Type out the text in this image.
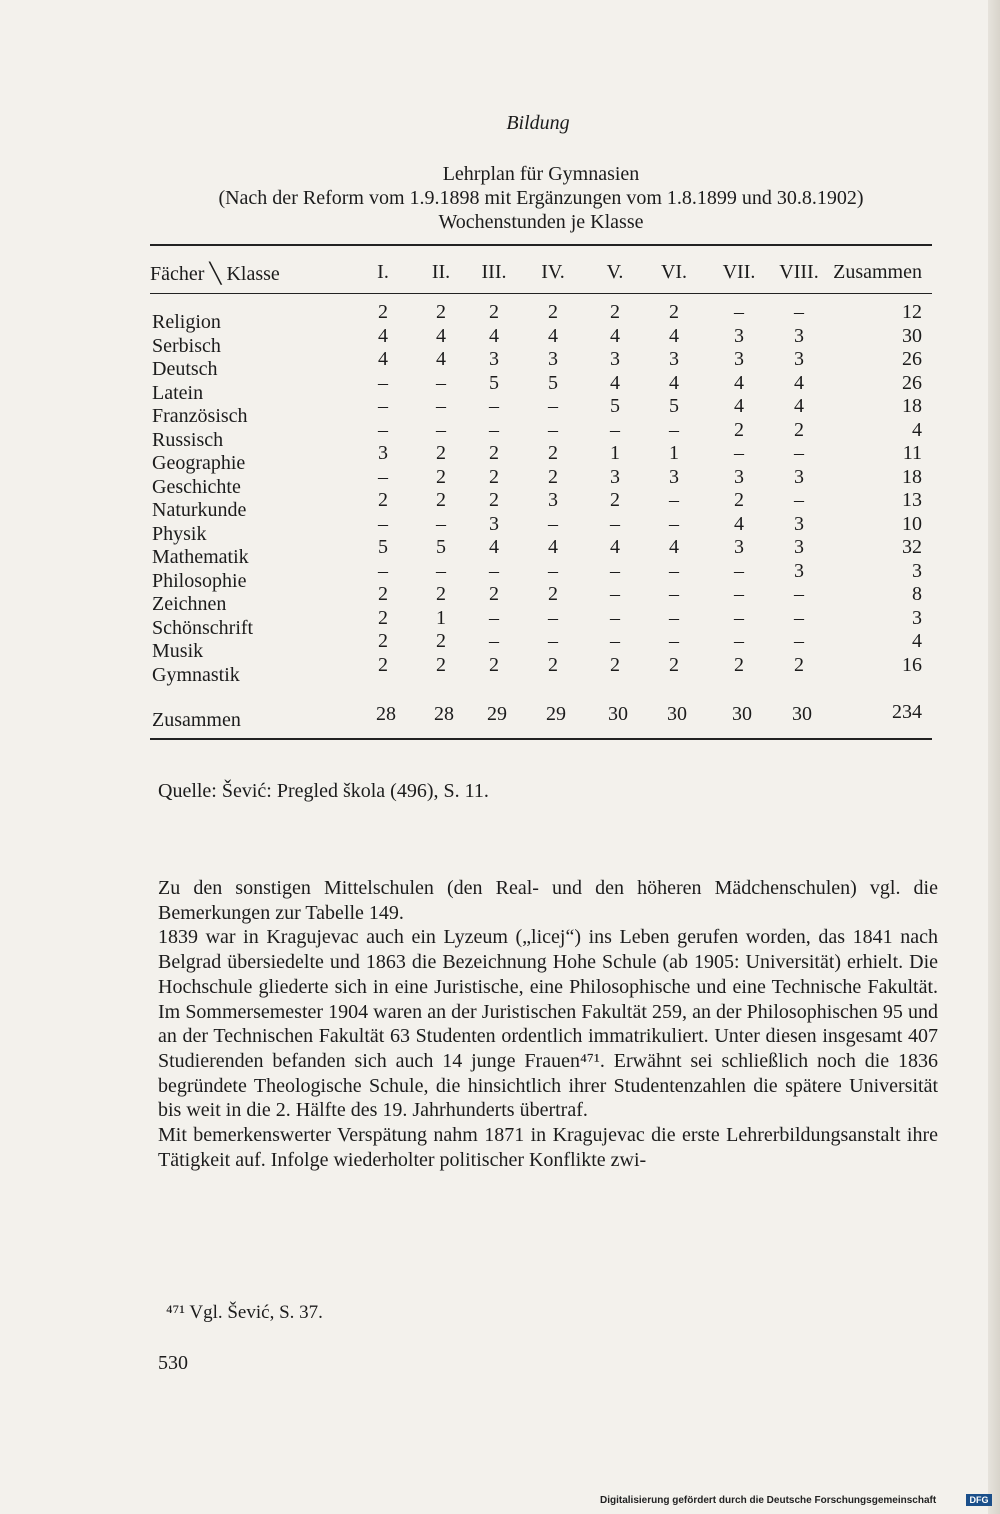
Bildung
Lehrplan für Gymnasien
(Nach der Reform vom 1.9.1898 mit Ergänzungen vom 1.8.1899 und 30.8.1902)
Wochenstunden je Klasse
Fächer ╲ Klasse	I.	II.	III.	IV.	V.	VI.	VII.	VIII. Zusammen
Religion	2	2	2	2	2	2	–	–	12
Serbisch	4	4	4	4	4	4	3	3	30
Deutsch	4	4	3	3	3	3	3	3	26
Latein	–	–	5	5	4	4	4	4	26
Französisch	–	–	–	–	5	5	4	4	18
Russisch	–	–	–	–	–	–	2	2	4
Geographie	3	2	2	2	1	1	–	–	11
Geschichte	–	2	2	2	3	3	3	3	18
Naturkunde	2	2	2	3	2	–	2	–	13
Physik	–	–	3	–	–	–	4	3	10
Mathematik	5	5	4	4	4	4	3	3	32
Philosophie	–	–	–	–	–	–	–	3	3
Zeichnen	2	2	2	2	–	–	–	–	8
Schönschrift	2	1	–	–	–	–	–	–	3
Musik	2	2	–	–	–	–	–	–	4
Gymnastik	2	2	2	2	2	2	2	2	16
Zusammen	28	28	29	29	30	30	30	30	234
Quelle: Šević: Pregled škola (496), S. 11.

Zu den sonstigen Mittelschulen (den Real- und den höheren Mädchenschulen) vgl. die Bemerkungen zur Tabelle 149.

1839 war in Kragujevac auch ein Lyzeum („licej“) ins Leben gerufen worden, das 1841 nach Belgrad übersiedelte und 1863 die Bezeichnung Hohe Schule (ab 1905: Universität) erhielt. Die Hochschule gliederte sich in eine Juristische, eine Philosophische und eine Technische Fakultät. Im Sommersemester 1904 waren an der Juristischen Fakultät 259, an der Philosophischen 95 und an der Technischen Fakultät 63 Studenten ordentlich immatrikuliert. Unter diesen insgesamt 407 Studierenden befanden sich auch 14 junge Frauen⁴⁷¹. Erwähnt sei schließlich noch die 1836 begründete Theologische Schule, die hinsichtlich ihrer Studentenzahlen die spätere Universität bis weit in die 2. Hälfte des 19. Jahrhunderts übertraf.

Mit bemerkenswerter Verspätung nahm 1871 in Kragujevac die erste Lehrerbildungsanstalt ihre Tätigkeit auf. Infolge wiederholter politischer Konflikte zwi-

⁴⁷¹ Vgl. Šević, S. 37.
530
Digitalisierung gefördert durch die Deutsche Forschungsgemeinschaft	DFG
